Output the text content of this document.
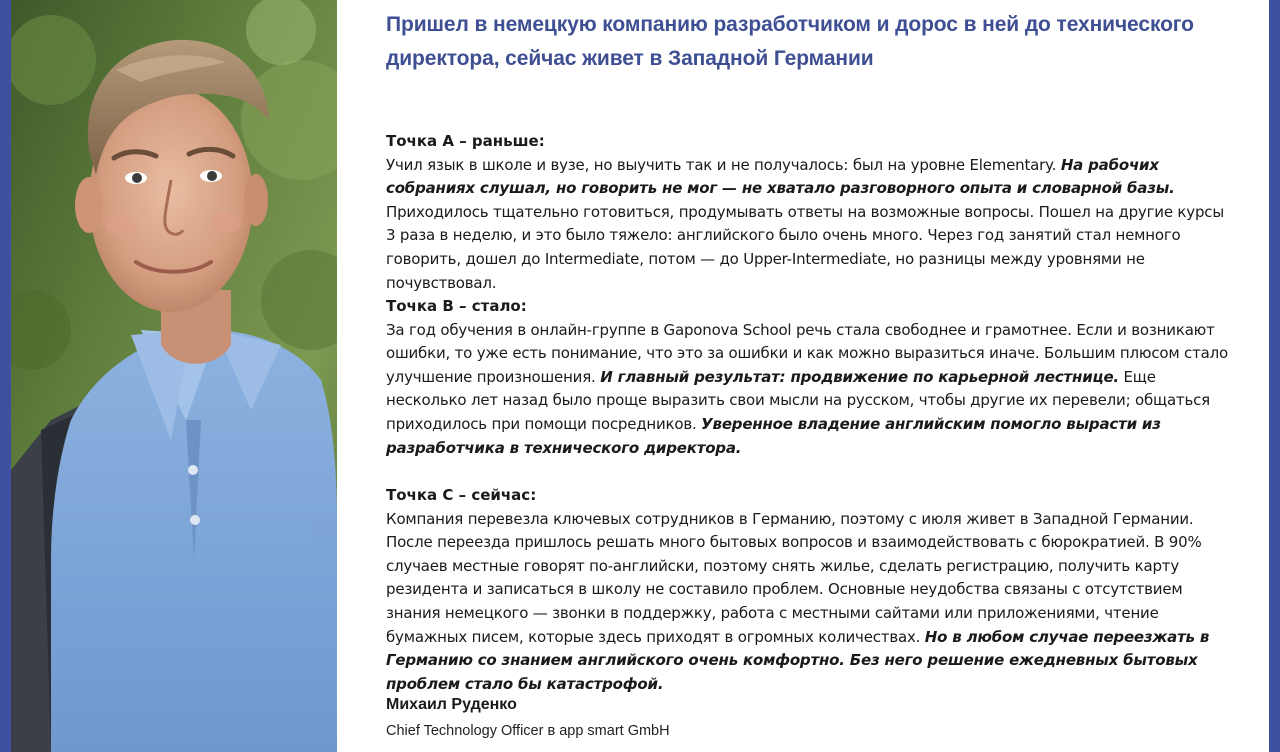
Пришел в немецкую компанию разработчиком и дорос в ней до технического директора, сейчас живет в Западной Германии
Точка А – раньше:

Учил язык в школе и вузе, но выучить так и не получалось: был на уровне Elementary. На рабочих собраниях слушал, но говорить не мог — не хватало разговорного опыта и словарной базы. Приходилось тщательно готовиться, продумывать ответы на возможные вопросы. Пошел на другие курсы 3 раза в неделю, и это было тяжело: английского было очень много. Через год занятий стал немного говорить, дошел до Intermediate, потом — до Upper-Intermediate, но разницы между уровнями не почувствовал.

Точка В – стало:

За год обучения в онлайн-группе в Gaponova School речь стала свободнее и грамотнее. Если и возникают ошибки, то уже есть понимание, что это за ошибки и как можно выразиться иначе. Большим плюсом стало улучшение произношения. И главный результат: продвижение по карьерной лестнице. Еще несколько лет назад было проще выразить свои мысли на русском, чтобы другие их перевели; общаться приходилось при помощи посредников. Уверенное владение английским помогло вырасти из разработчика в технического директора.

Точка С – сейчас:

Компания перевезла ключевых сотрудников в Германию, поэтому с июля живет в Западной Германии. После переезда пришлось решать много бытовых вопросов и взаимодействовать с бюрократией. В 90% случаев местные говорят по-английски, поэтому снять жилье, сделать регистрацию, получить карту резидента и записаться в школу не составило проблем. Основные неудобства связаны с отсутствием знания немецкого — звонки в поддержку, работа с местными сайтами или приложениями, чтение бумажных писем, которые здесь приходят в огромных количествах. Но в любом случае переезжать в Германию со знанием английского очень комфортно. Без него решение ежедневных бытовых проблем стало бы катастрофой.

Михаил Руденко
Chief Technology Officer в app smart GmbH
